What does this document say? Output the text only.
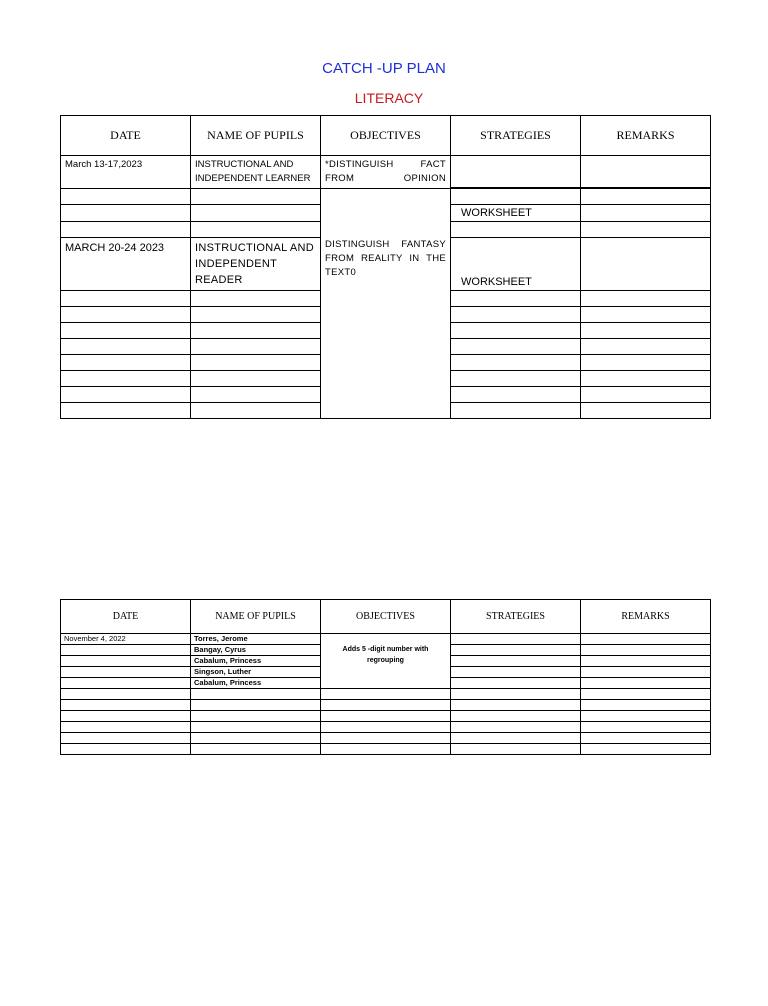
CATCH -UP PLAN
LITERACY
DATE	NAME OF PUPILS	OBJECTIVES	STRATEGIES	REMARKS
March 13-17,2023	INSTRUCTIONAL AND INDEPENDENT LEARNER	*DISTINGUISH FACT FROM OPINION		

			WORKSHEET	

MARCH 20-24 2023	INSTRUCTIONAL AND INDEPENDENT READER	DISTINGUISH FANTASY FROM REALITY IN THE TEXT0	WORKSHEET	

DATE	NAME OF PUPILS	OBJECTIVES	STRATEGIES	REMARKS
November 4, 2022	Torres, Jerome	Adds 5 -digit number with regrouping		
	Bangay, Cyrus			
	Cabalum, Princess			
	Singson, Luther			
	Cabalum, Princess			
